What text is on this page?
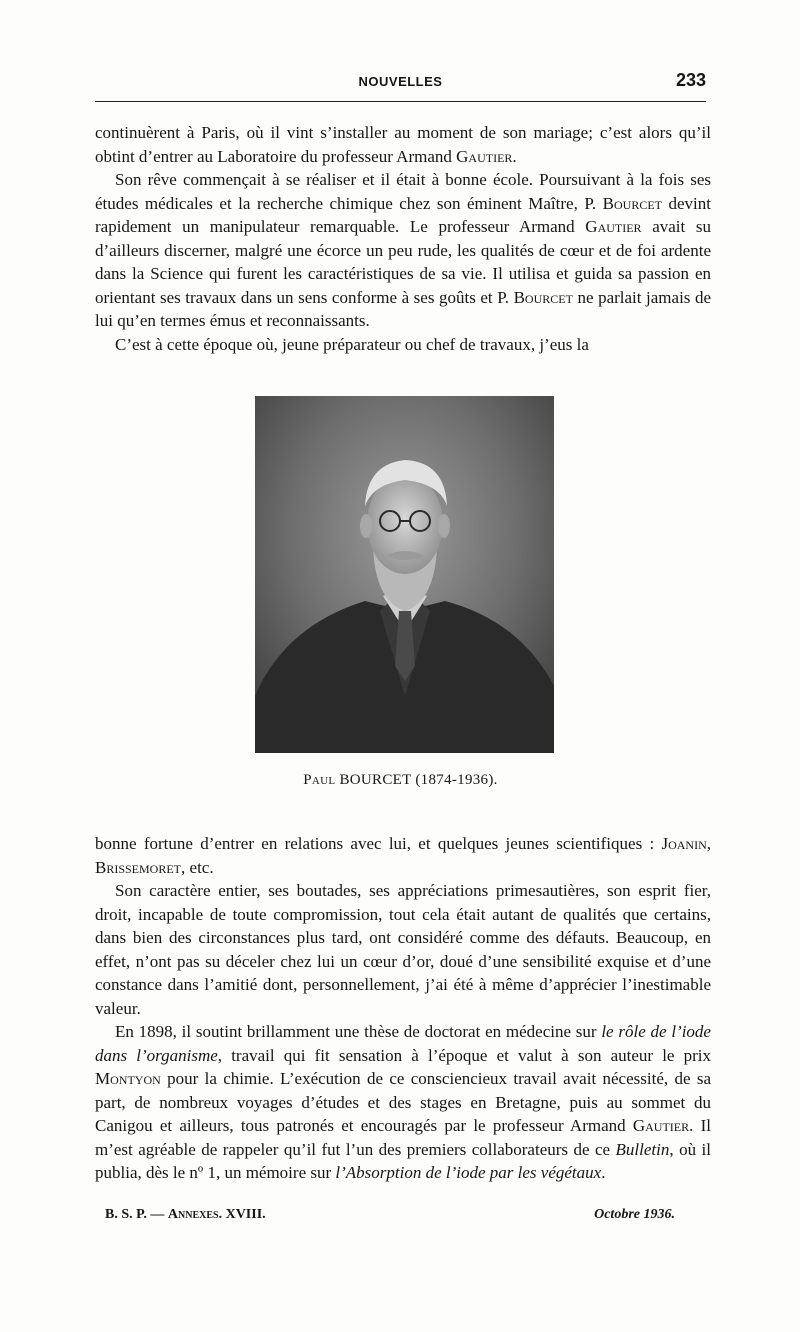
NOUVELLES	233

continuèrent à Paris, où il vint s’installer au moment de son mariage; c’est alors qu’il obtint d’entrer au Laboratoire du professeur Armand Gautier.

Son rêve commençait à se réaliser et il était à bonne école. Poursuivant à la fois ses études médicales et la recherche chimique chez son éminent Maître, P. Bourcet devint rapidement un manipulateur remarquable. Le professeur Armand Gautier avait su d’ailleurs discerner, malgré une écorce un peu rude, les qualités de cœur et de foi ardente dans la Science qui furent les caractéristiques de sa vie. Il utilisa et guida sa passion en orientant ses travaux dans un sens conforme à ses goûts et P. Bourcet ne parlait jamais de lui qu’en termes émus et reconnaissants.

C’est à cette époque où, jeune préparateur ou chef de travaux, j’eus la

Paul BOURCET (1874-1936).

bonne fortune d’entrer en relations avec lui, et quelques jeunes scientifiques : Joanin, Brissemoret, etc.

Son caractère entier, ses boutades, ses appréciations primesautières, son esprit fier, droit, incapable de toute compromission, tout cela était autant de qualités que certains, dans bien des circonstances plus tard, ont considéré comme des défauts. Beaucoup, en effet, n’ont pas su déceler chez lui un cœur d’or, doué d’une sensibilité exquise et d’une constance dans l’amitié dont, personnellement, j’ai été à même d’apprécier l’inestimable valeur.

En 1898, il soutint brillamment une thèse de doctorat en médecine sur le rôle de l’iode dans l’organisme, travail qui fit sensation à l’époque et valut à son auteur le prix Montyon pour la chimie. L’exécution de ce consciencieux travail avait nécessité, de sa part, de nombreux voyages d’études et des stages en Bretagne, puis au sommet du Canigou et ailleurs, tous patronés et encouragés par le professeur Armand Gautier. Il m’est agréable de rappeler qu’il fut l’un des premiers collaborateurs de ce Bulletin, où il publia, dès le nº 1, un mémoire sur l’Absorption de l’iode par les végétaux.

B. S. P. — Annexes. XVIII.	Octobre 1936.
